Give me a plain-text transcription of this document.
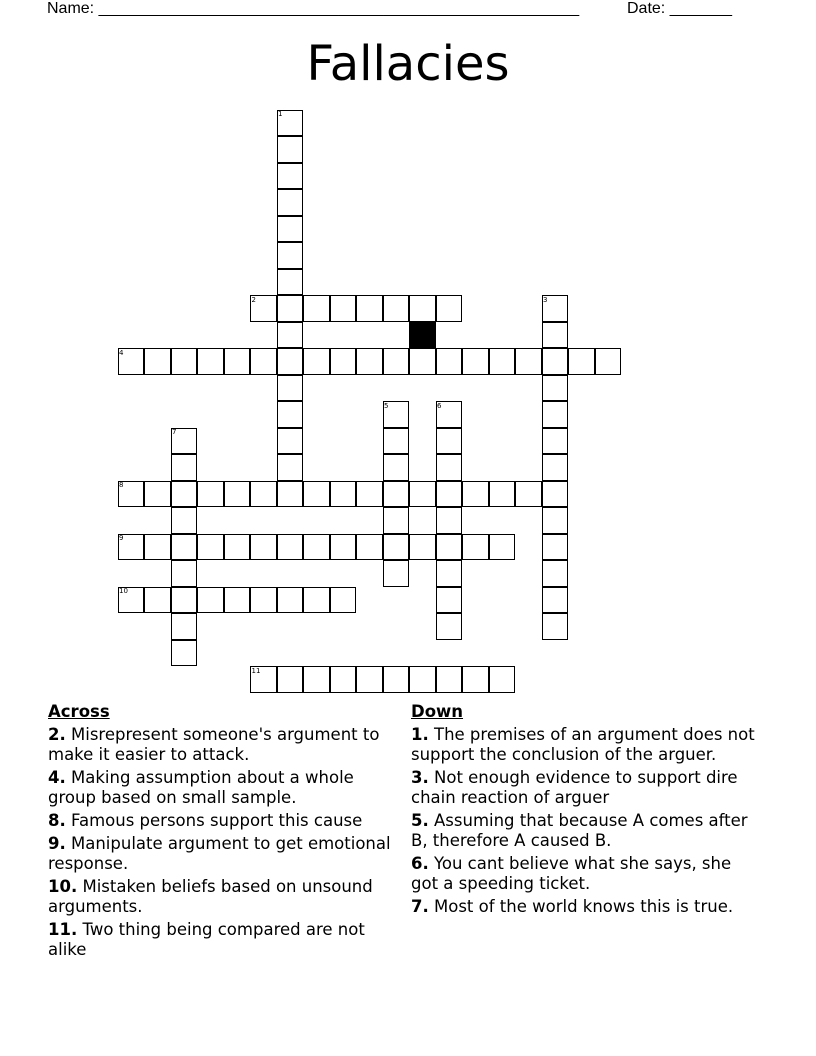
Name: ______________________________________________________	Date: _______
Fallacies
1
2	3
4
5	6
7
8
9
10
11
Across
2. Misrepresent someone's argument to make it easier to attack.
4. Making assumption about a whole group based on small sample.
8. Famous persons support this cause
9. Manipulate argument to get emotional response.
10. Mistaken beliefs based on unsound arguments.
11. Two thing being compared are not alike
Down
1. The premises of an argument does not support the conclusion of the arguer.
3. Not enough evidence to support dire chain reaction of arguer
5. Assuming that because A comes after B, therefore A caused B.
6. You cant believe what she says, she got a speeding ticket.
7. Most of the world knows this is true.
